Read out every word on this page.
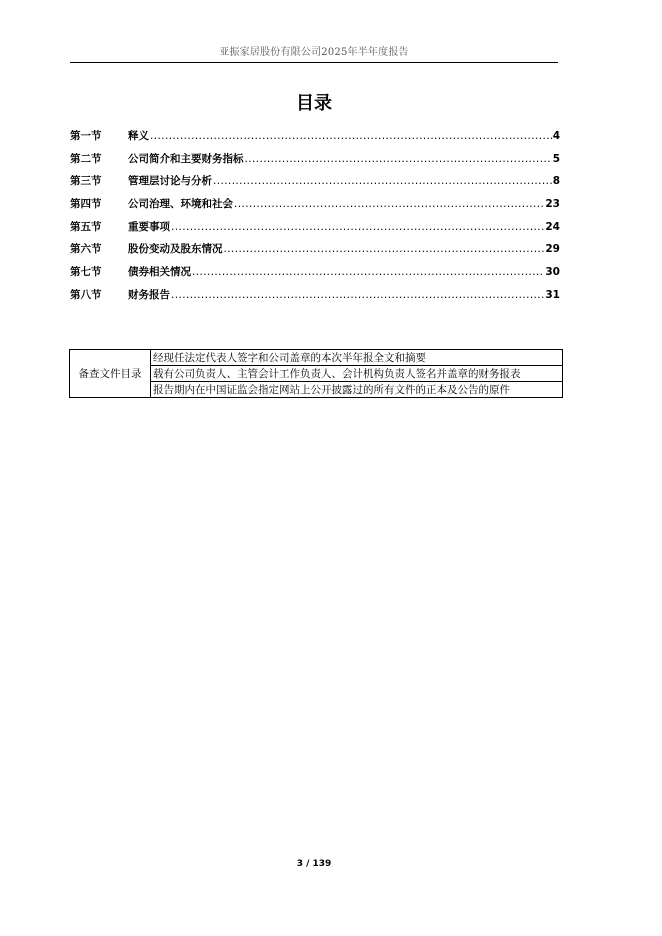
亚振家居股份有限公司2025年半年度报告
目录
第一节	释义 .....	4
第二节	公司简介和主要财务指标 .....	5
第三节	管理层讨论与分析 .....	8
第四节	公司治理、环境和社会 .....	23
第五节	重要事项 .....	24
第六节	股份变动及股东情况 .....	29
第七节	债券相关情况 .....	30
第八节	财务报告 .....	31
备查文件目录	经现任法定代表人签字和公司盖章的本次半年报全文和摘要
载有公司负责人、主管会计工作负责人、会计机构负责人签名并盖章的财务报表
报告期内在中国证监会指定网站上公开披露过的所有文件的正本及公告的原件
3 / 139
